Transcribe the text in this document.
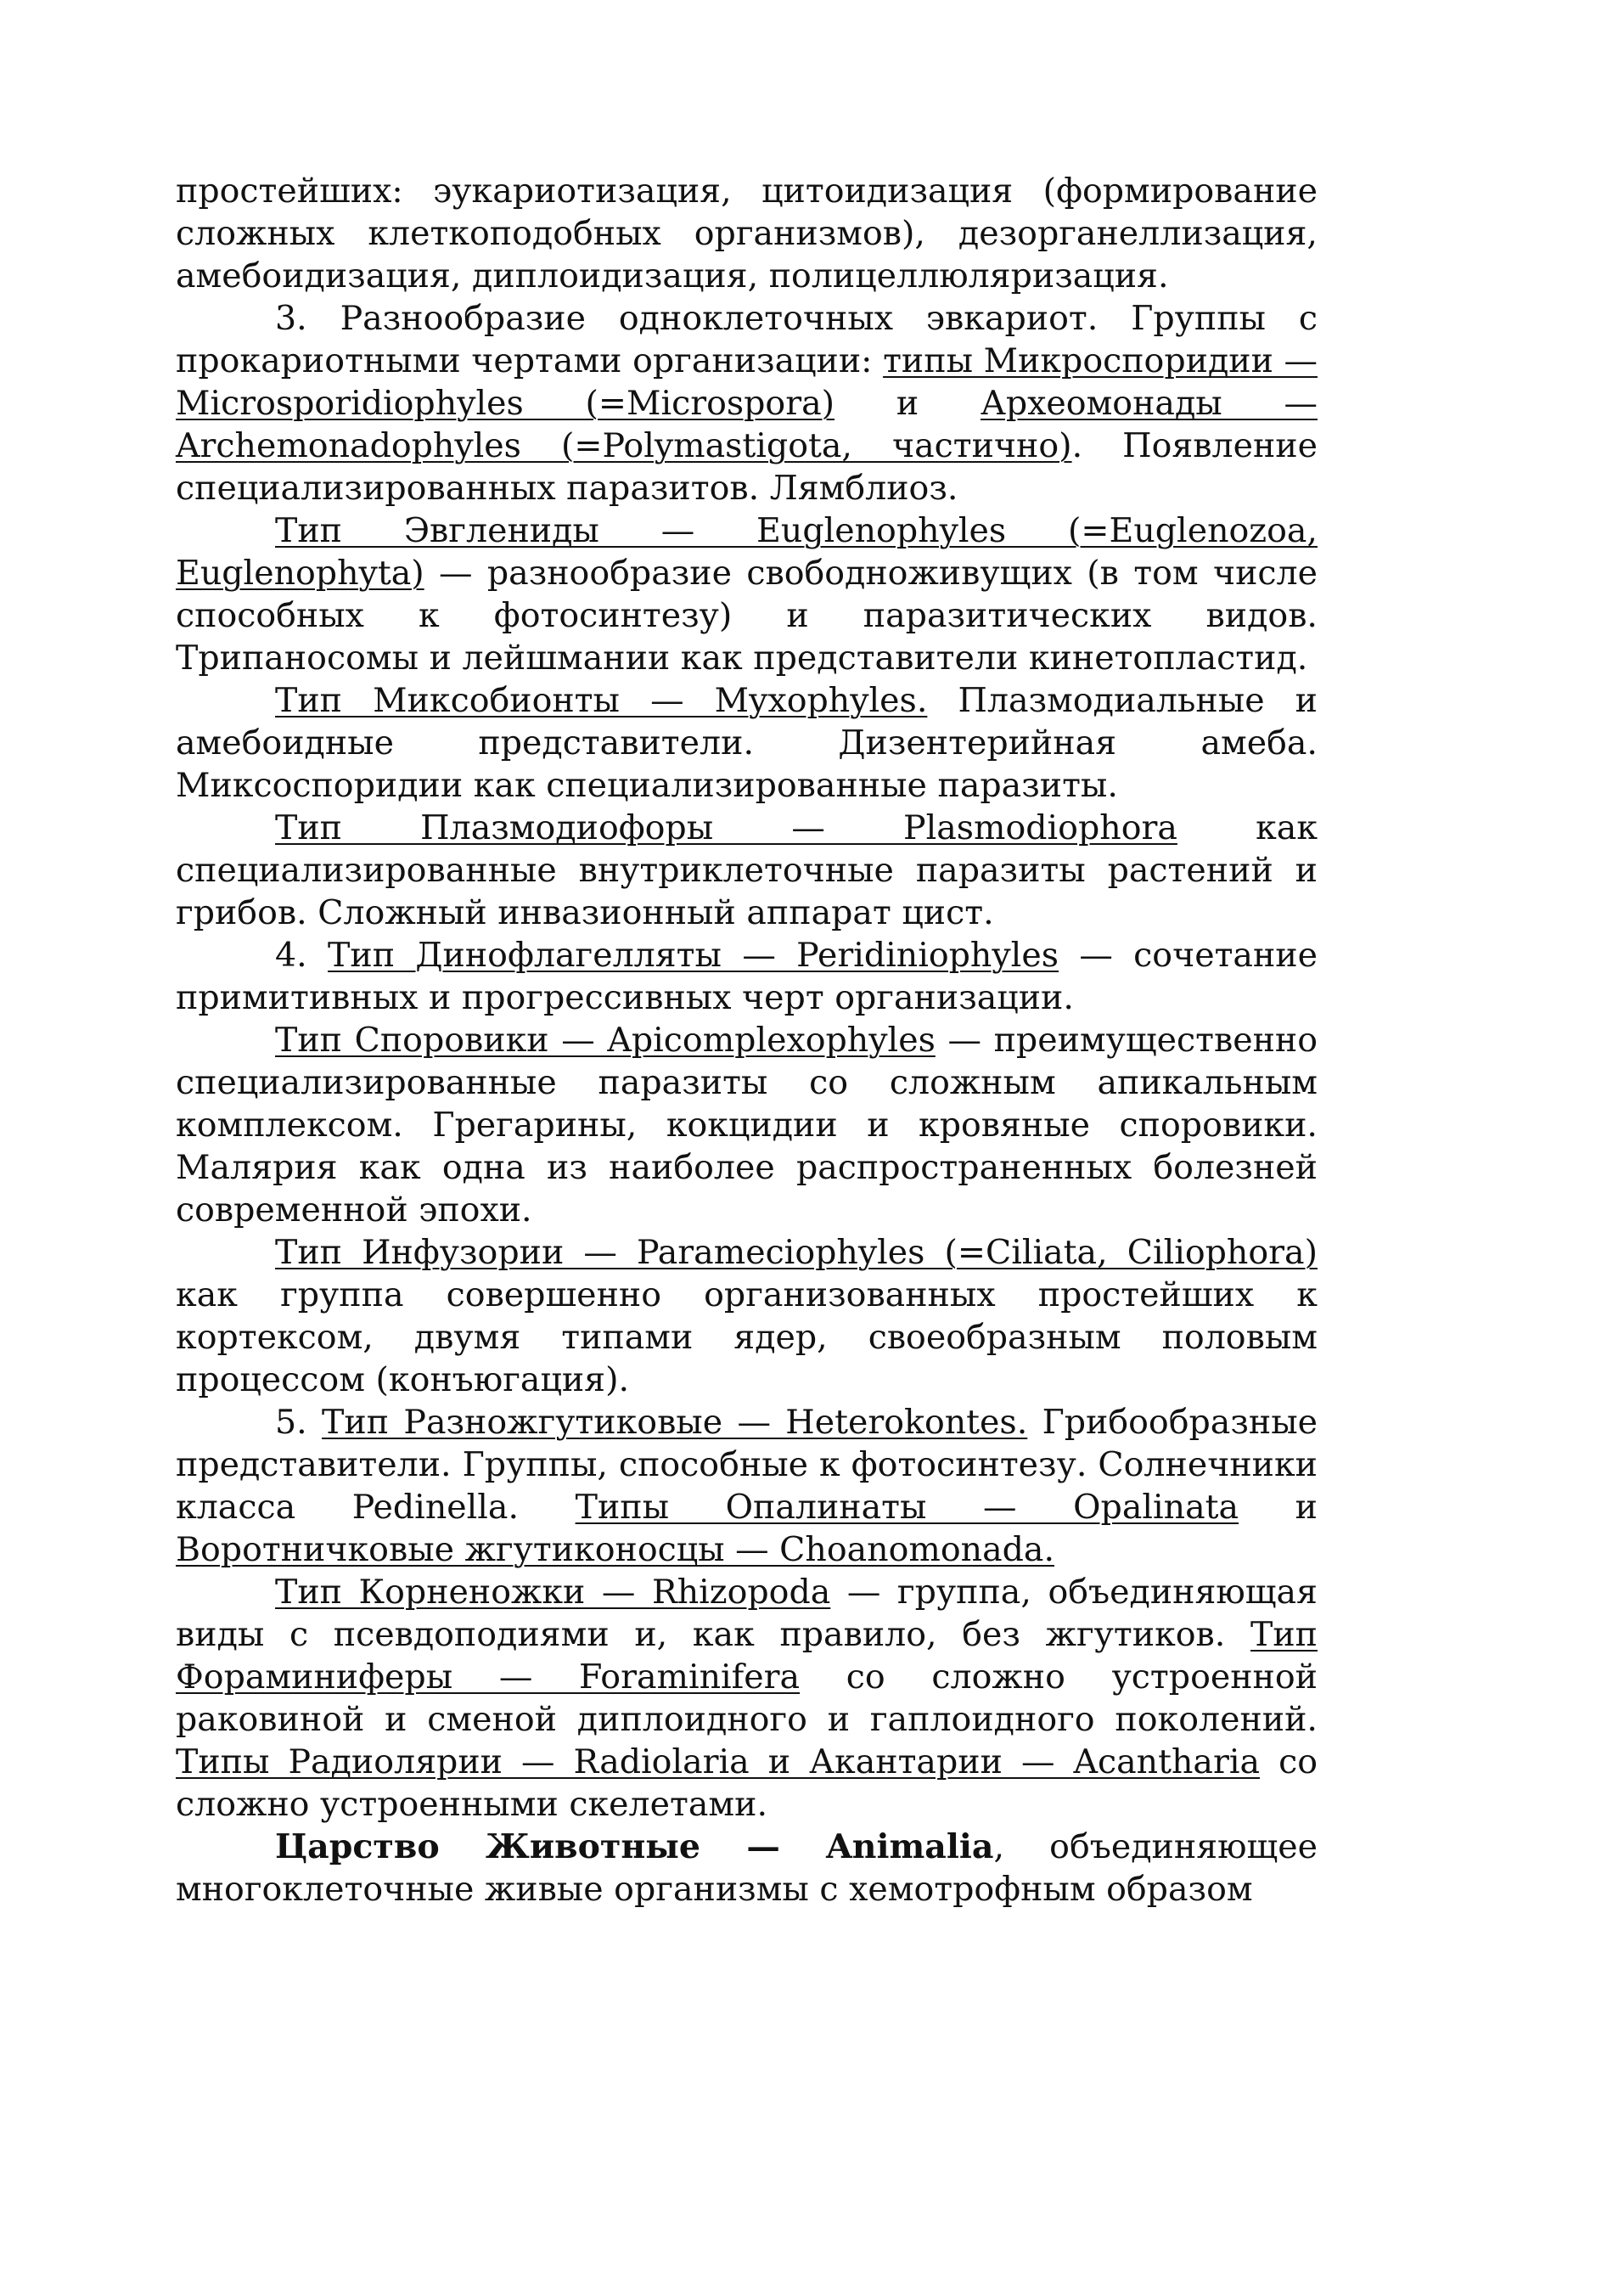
простейших: эукариотизация, цитоидизация (формирование сложных клеткоподобных организмов), дезорганеллизация, амебоидизация, диплоидизация, полицеллюляризация.

3. Разнообразие одноклеточных эвкариот. Группы с прокариотными чертами организации: типы Микроспоридии — Microsporidiophyles (=Microspora) и Археомонады — Archemonadophyles (=Polymastigota, частично). Появление специализированных паразитов. Лямблиоз.

Тип Эвглениды — Euglenophyles (=Euglenozoa, Euglenophyta) — разнообразие свободноживущих (в том числе способных к фотосинтезу) и паразитических видов. Трипаносомы и лейшмании как представители кинетопластид.

Тип Миксобионты — Myxophyles. Плазмодиальные и амебоидные представители. Дизентерийная амеба. Миксоспоридии как специализированные паразиты.

Тип Плазмодиофоры — Plasmodiophora как специализированные внутриклеточные паразиты растений и грибов. Сложный инвазионный аппарат цист.

4. Тип Динофлагелляты — Peridiniophyles — сочетание примитивных и прогрессивных черт организации.

Тип Споровики — Apicomplexophyles — преимущественно специализированные паразиты со сложным апикальным комплексом. Грегарины, кокцидии и кровяные споровики. Малярия как одна из наиболее распространенных болезней современной эпохи.

Тип Инфузории — Parameciophyles (=Ciliata, Ciliophora) как группа совершенно организованных простейших к кортексом, двумя типами ядер, своеобразным половым процессом (конъюгация).

5. Тип Разножгутиковые — Heterokontes. Грибообразные представители. Группы, способные к фотосинтезу. Солнечники класса Pedinella. Типы Опалинаты — Opalinata и Воротничковые жгутиконосцы — Choanomonada.

Тип Корненожки — Rhizopoda — группа, объединяющая виды с псевдоподиями и, как правило, без жгутиков. Тип Фораминиферы — Foraminifera со сложно устроенной раковиной и сменой диплоидного и гаплоидного поколений. Типы Радиолярии — Radiolaria и Акантарии — Acantharia со сложно устроенными скелетами.

Царство Животные — Animalia, объединяющее многоклеточные живые организмы с хемотрофным образом
